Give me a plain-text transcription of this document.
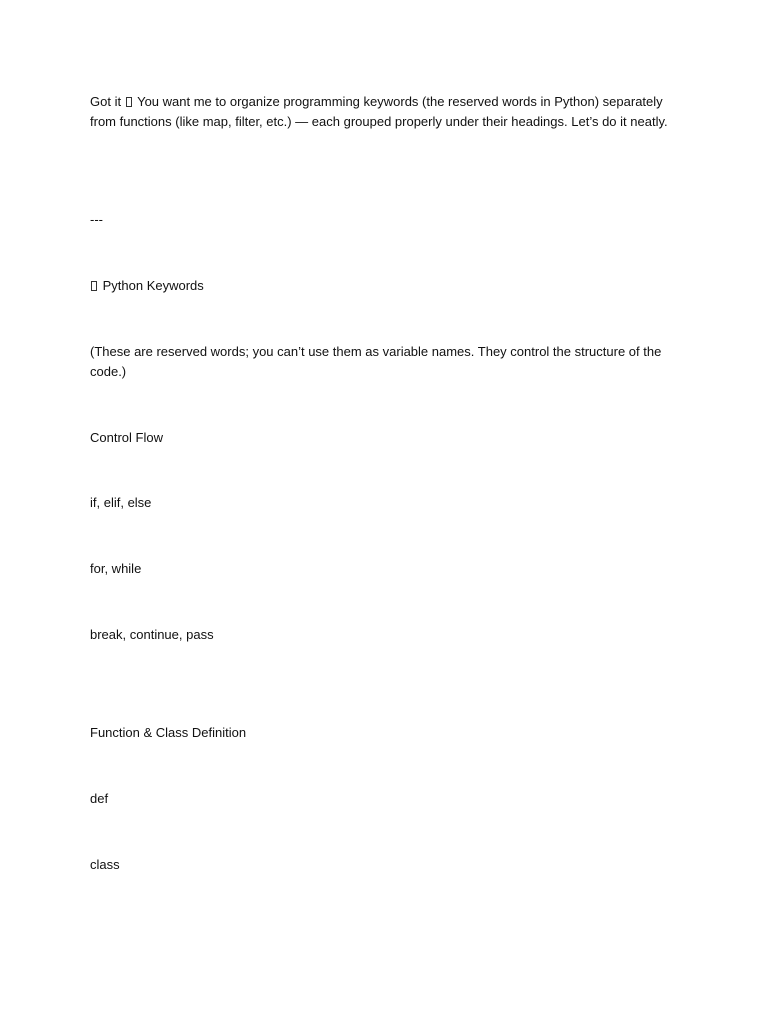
Got it You want me to organize programming keywords (the reserved words in Python) separately from functions (like map, filter, etc.) — each grouped properly under their headings. Let’s do it neatly.

---

Python Keywords

(These are reserved words; you can’t use them as variable names. They control the structure of the code.)

Control Flow

if, elif, else

for, while

break, continue, pass

Function & Class Definition

def

class
